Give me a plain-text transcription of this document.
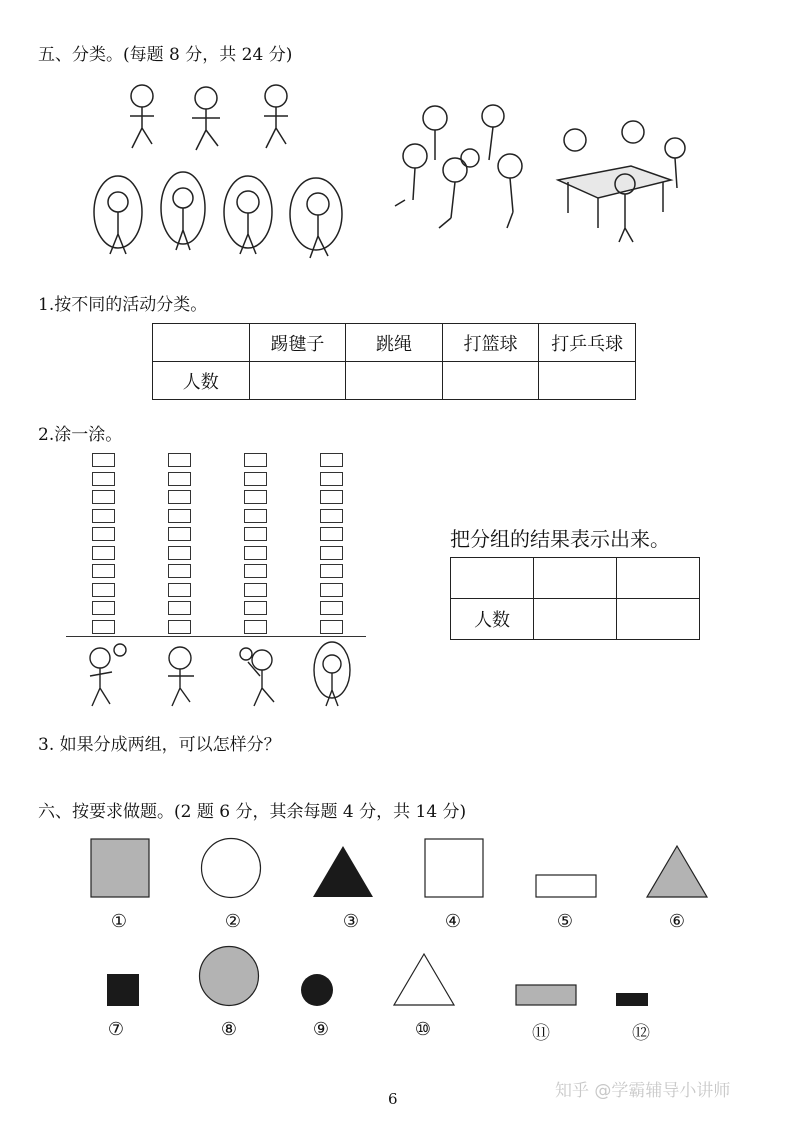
五、分类。(每题 8 分，共 24 分)
1.按不同的活动分类。
	踢毽子	跳绳	打篮球	打乒乓球
人数				
2.涂一涂。
把分组的结果表示出来。

人数		
3. 如果分成两组，可以怎样分？
六、按要求做题。(2 题 6 分，其余每题 4 分，共 14 分)
①	②	③	④	⑤	⑥
⑦	⑧	⑨	⑩	⑪	⑫
6	知乎 @学霸辅导小讲师
